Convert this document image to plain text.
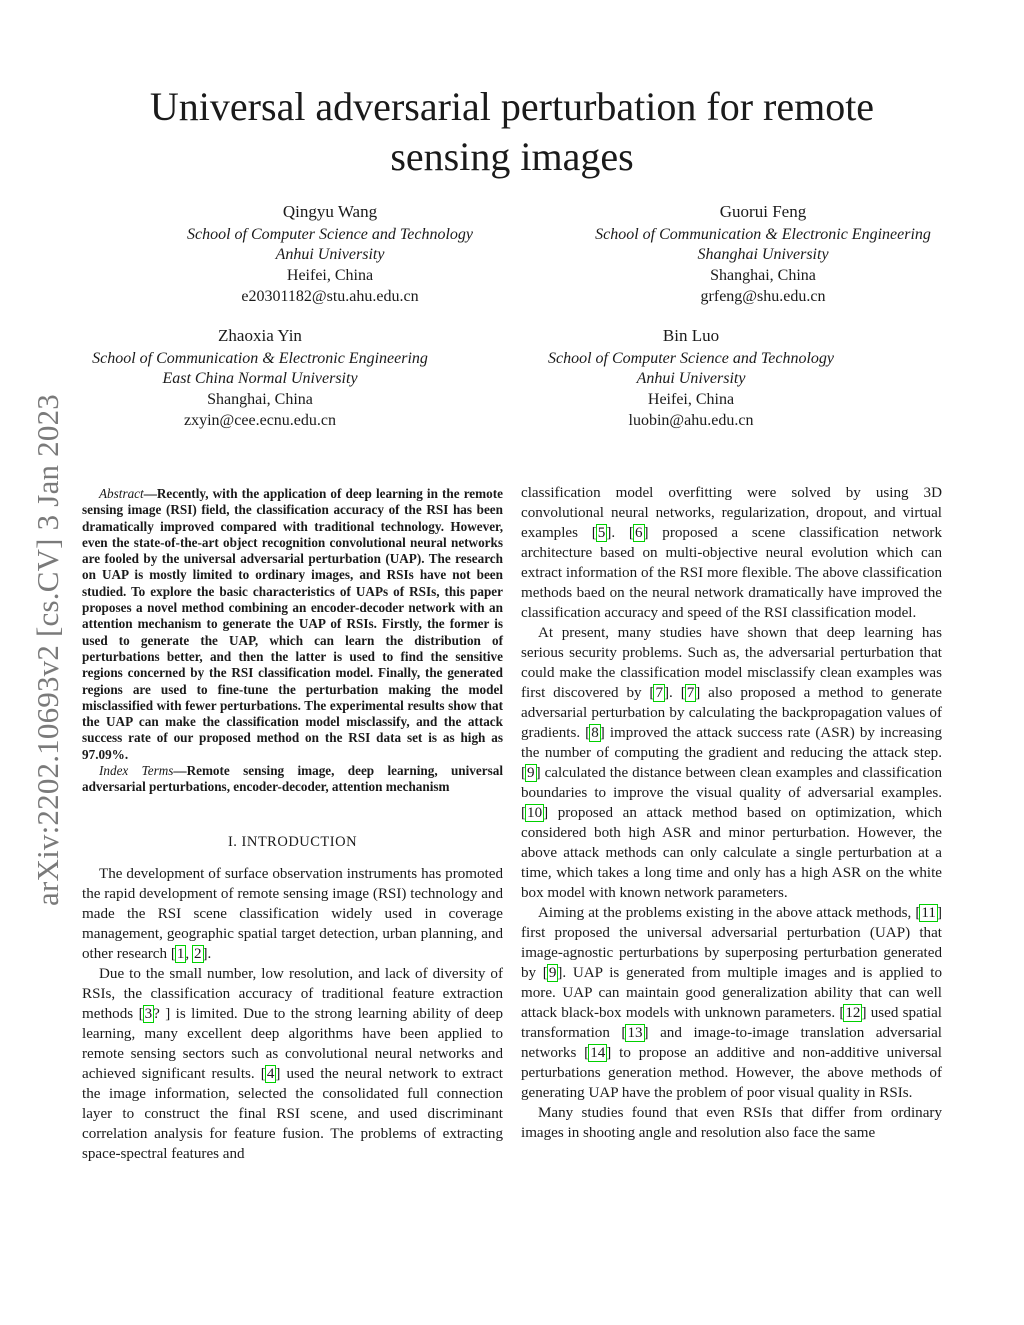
arXiv:2202.10693v2 [cs.CV] 3 Jan 2023
Universal adversarial perturbation for remote
sensing images
Qingyu Wang
School of Computer Science and Technology
Anhui University
Heifei, China
e20301182@stu.ahu.edu.cn
Guorui Feng
School of Communication & Electronic Engineering
Shanghai University
Shanghai, China
grfeng@shu.edu.cn
Zhaoxia Yin
School of Communication & Electronic Engineering
East China Normal University
Shanghai, China
zxyin@cee.ecnu.edu.cn
Bin Luo
School of Computer Science and Technology
Anhui University
Heifei, China
luobin@ahu.edu.cn

Abstract—Recently, with the application of deep learning in the remote sensing image (RSI) field, the classification accuracy of the RSI has been dramatically improved compared with traditional technology. However, even the state-of-the-art object recognition convolutional neural networks are fooled by the universal adversarial perturbation (UAP). The research on UAP is mostly limited to ordinary images, and RSIs have not been studied. To explore the basic characteristics of UAPs of RSIs, this paper proposes a novel method combining an encoder-decoder network with an attention mechanism to generate the UAP of RSIs. Firstly, the former is used to generate the UAP, which can learn the distribution of perturbations better, and then the latter is used to find the sensitive regions concerned by the RSI classification model. Finally, the generated regions are used to fine-tune the perturbation making the model misclassified with fewer perturbations. The experimental results show that the UAP can make the classification model misclassify, and the attack success rate of our proposed method on the RSI data set is as high as 97.09%.

Index Terms—Remote sensing image, deep learning, universal adversarial perturbations, encoder-decoder, attention mechanism

I. INTRODUCTION

The development of surface observation instruments has promoted the rapid development of remote sensing image (RSI) technology and made the RSI scene classification widely used in coverage management, geographic spatial target detection, urban planning, and other research [1, 2].

Due to the small number, low resolution, and lack of diversity of RSIs, the classification accuracy of traditional feature extraction methods [3? ] is limited. Due to the strong learning ability of deep learning, many excellent deep algorithms have been applied to remote sensing sectors such as convolutional neural networks and achieved significant results. [4] used the neural network to extract the image information, selected the consolidated full connection layer to construct the final RSI scene, and used discriminant correlation analysis for feature fusion. The problems of extracting space-spectral features and

classification model overfitting were solved by using 3D convolutional neural networks, regularization, dropout, and virtual examples [5]. [6] proposed a scene classification network architecture based on multi-objective neural evolution which can extract information of the RSI more flexible. The above classification methods baed on the neural network dramatically have improved the classification accuracy and speed of the RSI classification model.

At present, many studies have shown that deep learning has serious security problems. Such as, the adversarial perturbation that could make the classification model misclassify clean examples was first discovered by [7]. [7] also proposed a method to generate adversarial perturbation by calculating the backpropagation values of gradients. [8] improved the attack success rate (ASR) by increasing the number of computing the gradient and reducing the attack step. [9] calculated the distance between clean examples and classification boundaries to improve the visual quality of adversarial examples. [10] proposed an attack method based on optimization, which considered both high ASR and minor perturbation. However, the above attack methods can only calculate a single perturbation at a time, which takes a long time and only has a high ASR on the white box model with known network parameters.

Aiming at the problems existing in the above attack methods, [11] first proposed the universal adversarial perturbation (UAP) that image-agnostic perturbations by superposing perturbation generated by [9]. UAP is generated from multiple images and is applied to more. UAP can maintain good generalization ability that can well attack black-box models with unknown parameters. [12] used spatial transformation [13] and image-to-image translation adversarial networks [14] to propose an additive and non-additive universal perturbations generation method. However, the above methods of generating UAP have the problem of poor visual quality in RSIs.

Many studies found that even RSIs that differ from ordinary images in shooting angle and resolution also face the same
